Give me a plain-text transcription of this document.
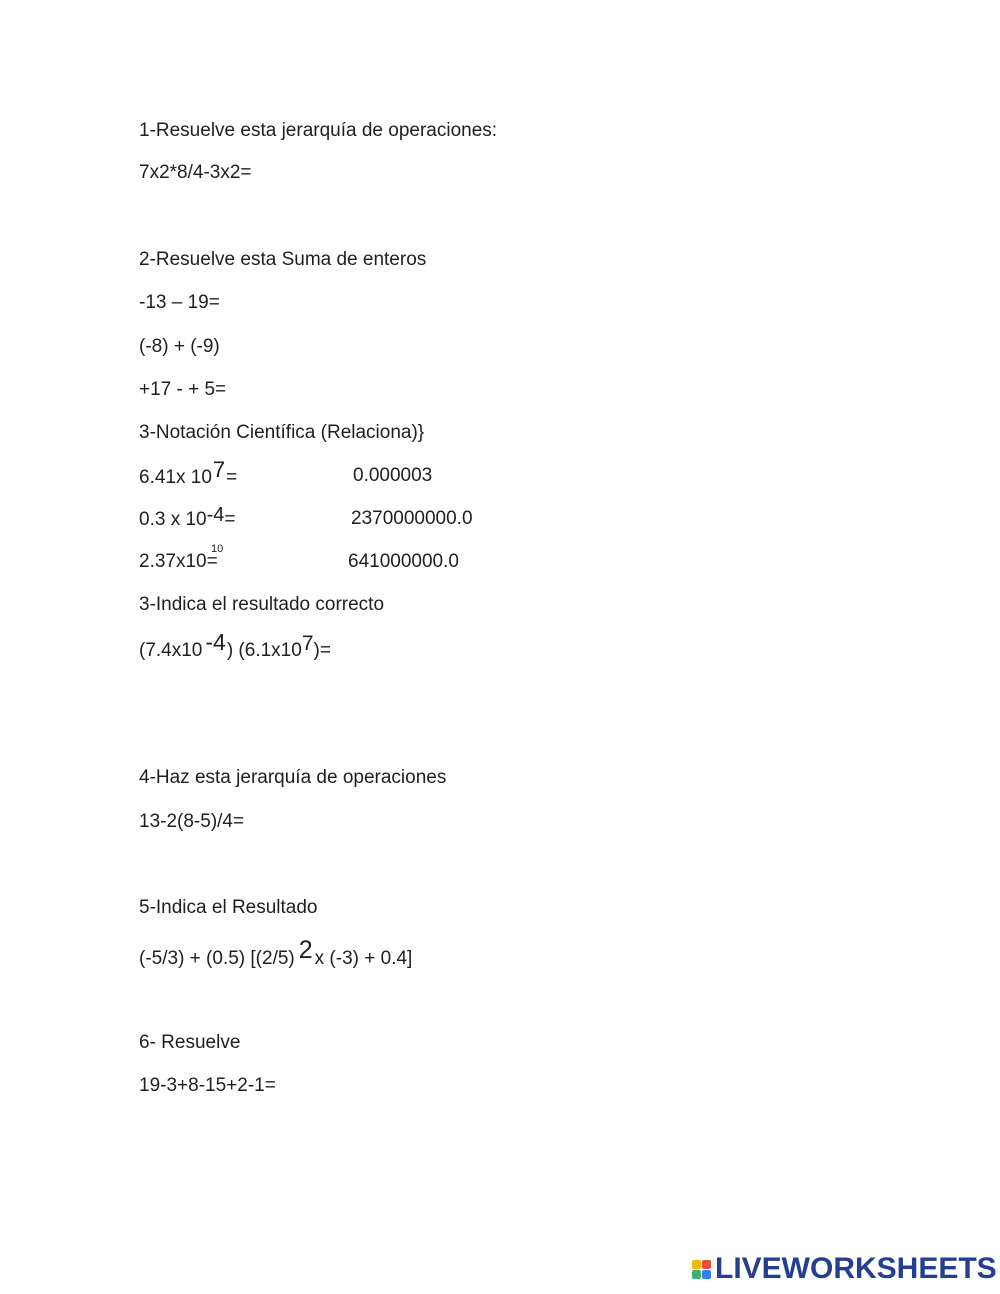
1-Resuelve esta jerarquía de operaciones:
7x2*8/4-3x2=
2-Resuelve esta Suma de enteros
-13 – 19=
(-8) + (-9)
+17 - + 5=
3-Notación Científica (Relaciona)}
6.41x 107=	0.000003
0.3 x 10-4=	2370000000.0
2.37x10=
10
641000000.0
3-Indica el resultado correcto
(7.4x10 -4) (6.1x107)=
4-Haz esta jerarquía de operaciones
13-2(8-5)/4=
5-Indica el Resultado
(-5/3) + (0.5) [(2/5) 2 x (-3) + 0.4]
6- Resuelve
19-3+8-15+2-1=
LIVEWORKSHEETS
